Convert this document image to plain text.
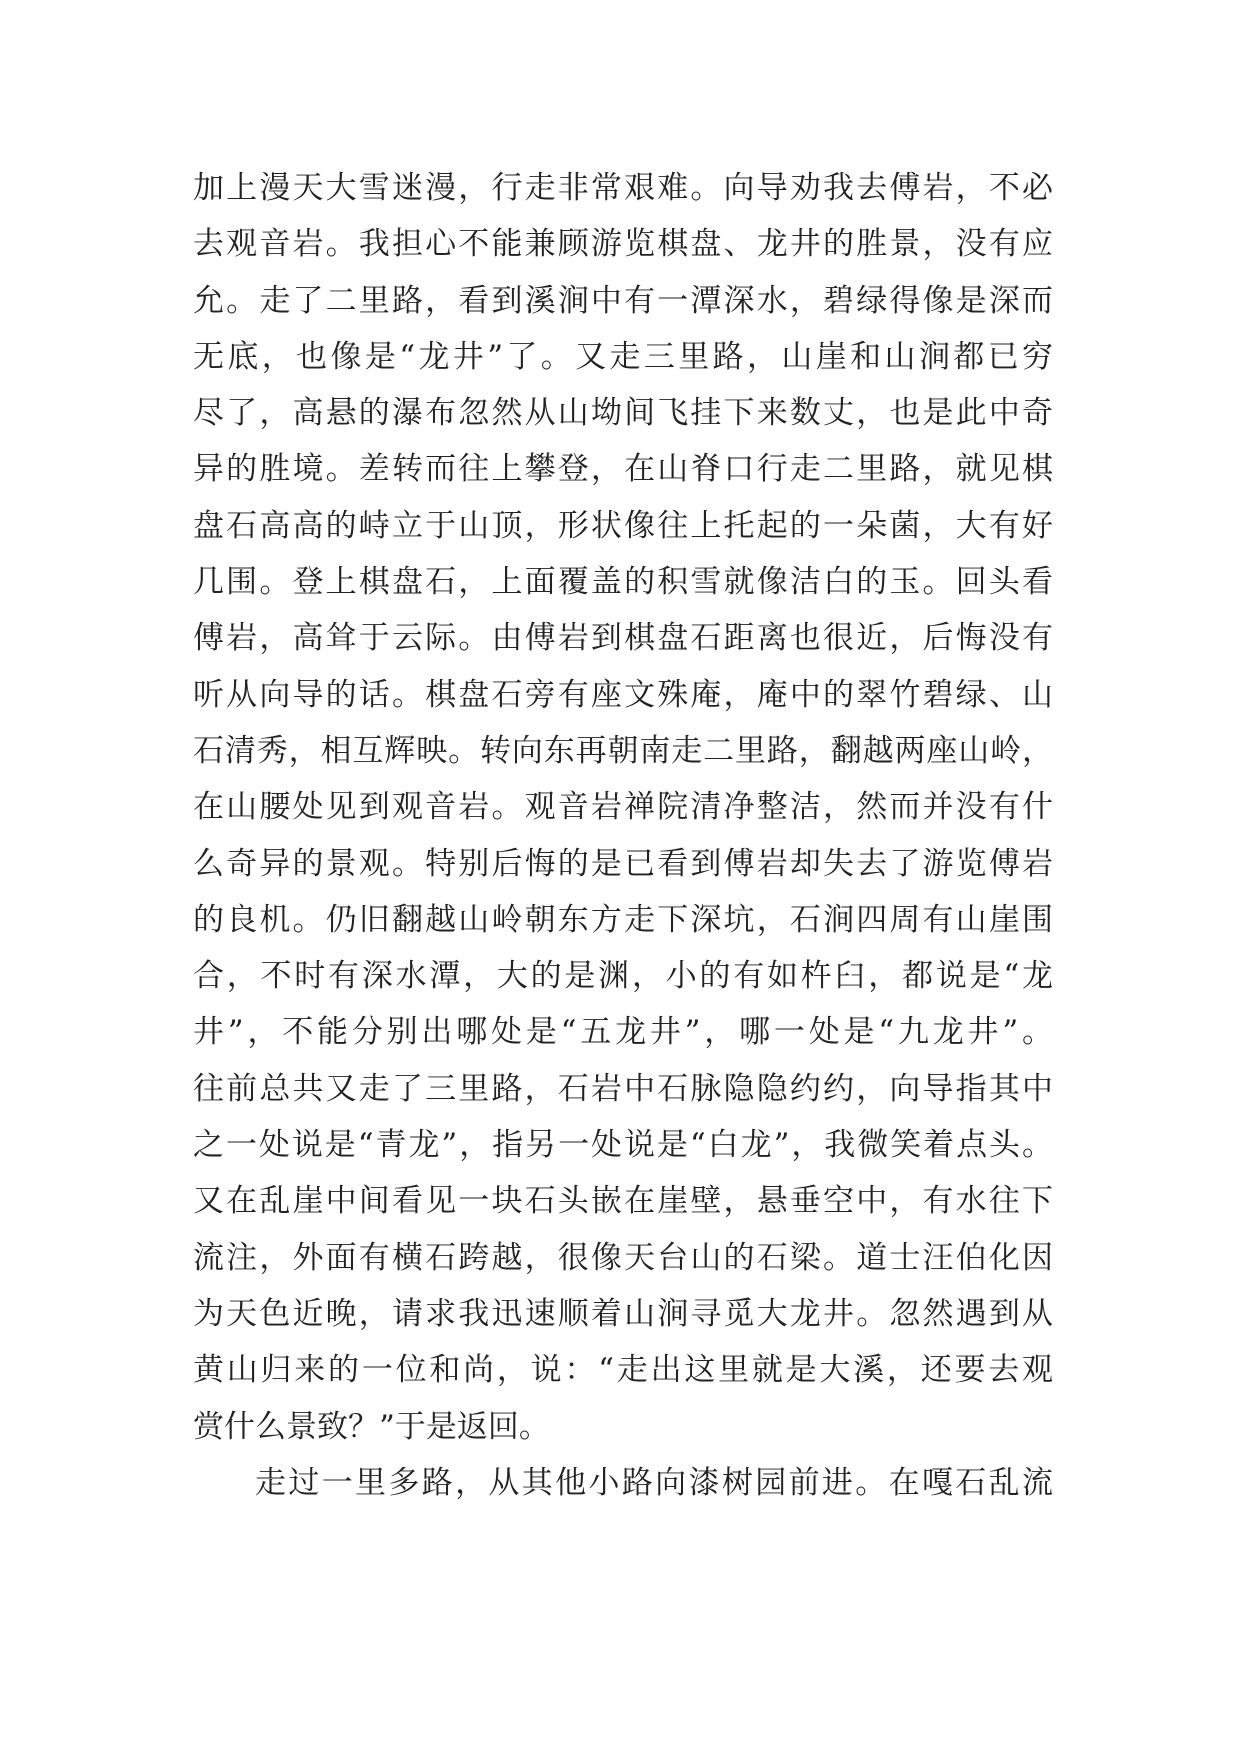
加上漫天大雪迷漫，行走非常艰难。向导劝我去傅岩，不必
去观音岩。我担心不能兼顾游览棋盘、龙井的胜景，没有应
允。走了二里路，看到溪涧中有一潭深水，碧绿得像是深而
无底，也像是“龙井”了。又走三里路，山崖和山涧都已穷
尽了，高悬的瀑布忽然从山坳间飞挂下来数丈，也是此中奇
异的胜境。差转而往上攀登，在山脊口行走二里路，就见棋
盘石高高的峙立于山顶，形状像往上托起的一朵菌，大有好
几围。登上棋盘石，上面覆盖的积雪就像洁白的玉。回头看
傅岩，高耸于云际。由傅岩到棋盘石距离也很近，后悔没有
听从向导的话。棋盘石旁有座文殊庵，庵中的翠竹碧绿、山
石清秀，相互辉映。转向东再朝南走二里路，翻越两座山岭，
在山腰处见到观音岩。观音岩禅院清净整洁，然而并没有什
么奇异的景观。特别后悔的是已看到傅岩却失去了游览傅岩
的良机。仍旧翻越山岭朝东方走下深坑，石涧四周有山崖围
合，不时有深水潭，大的是渊，小的有如杵臼，都说是“龙
井”，不能分别出哪处是“五龙井”，哪一处是“九龙井”。
往前总共又走了三里路，石岩中石脉隐隐约约，向导指其中
之一处说是“青龙”，指另一处说是“白龙”，我微笑着点头。
又在乱崖中间看见一块石头嵌在崖壁，悬垂空中，有水往下
流注，外面有横石跨越，很像天台山的石梁。道士汪伯化因
为天色近晚，请求我迅速顺着山涧寻觅大龙井。忽然遇到从
黄山归来的一位和尚，说：“走出这里就是大溪，还要去观
赏什么景致？”于是返回。
走过一里多路，从其他小路向漆树园前进。在嘎石乱流
